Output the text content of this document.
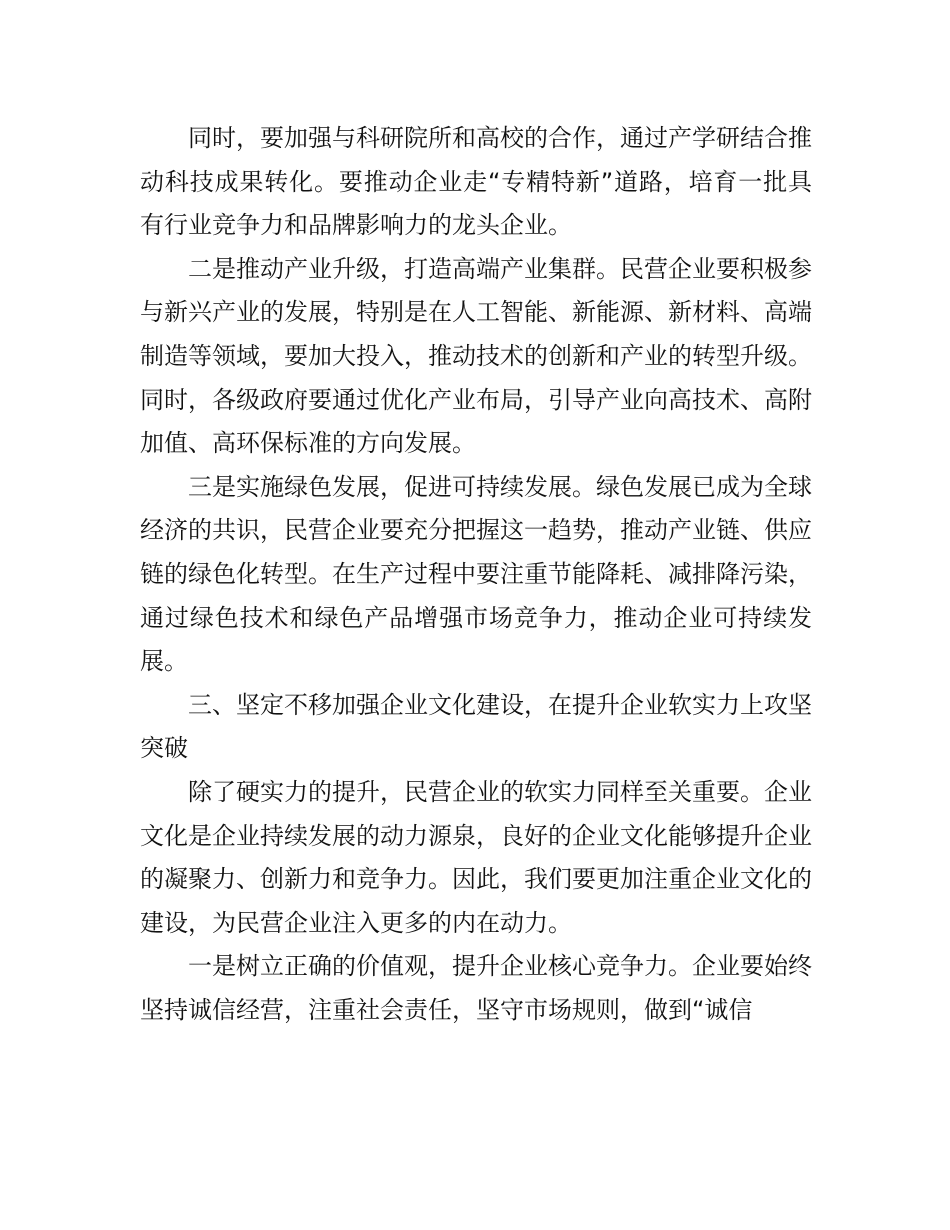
同时，要加强与科研院所和高校的合作，通过产学研结合推动科技成果转化。要推动企业走“专精特新”道路，培育一批具有行业竞争力和品牌影响力的龙头企业。

二是推动产业升级，打造高端产业集群。民营企业要积极参与新兴产业的发展，特别是在人工智能、新能源、新材料、高端制造等领域，要加大投入，推动技术的创新和产业的转型升级。同时，各级政府要通过优化产业布局，引导产业向高技术、高附加值、高环保标准的方向发展。

三是实施绿色发展，促进可持续发展。绿色发展已成为全球经济的共识，民营企业要充分把握这一趋势，推动产业链、供应链的绿色化转型。在生产过程中要注重节能降耗、减排降污染，通过绿色技术和绿色产品增强市场竞争力，推动企业可持续发展。

三、坚定不移加强企业文化建设，在提升企业软实力上攻坚突破

除了硬实力的提升，民营企业的软实力同样至关重要。企业文化是企业持续发展的动力源泉，良好的企业文化能够提升企业的凝聚力、创新力和竞争力。因此，我们要更加注重企业文化的建设，为民营企业注入更多的内在动力。

一是树立正确的价值观，提升企业核心竞争力。企业要始终坚持诚信经营，注重社会责任，坚守市场规则，做到“诚信
